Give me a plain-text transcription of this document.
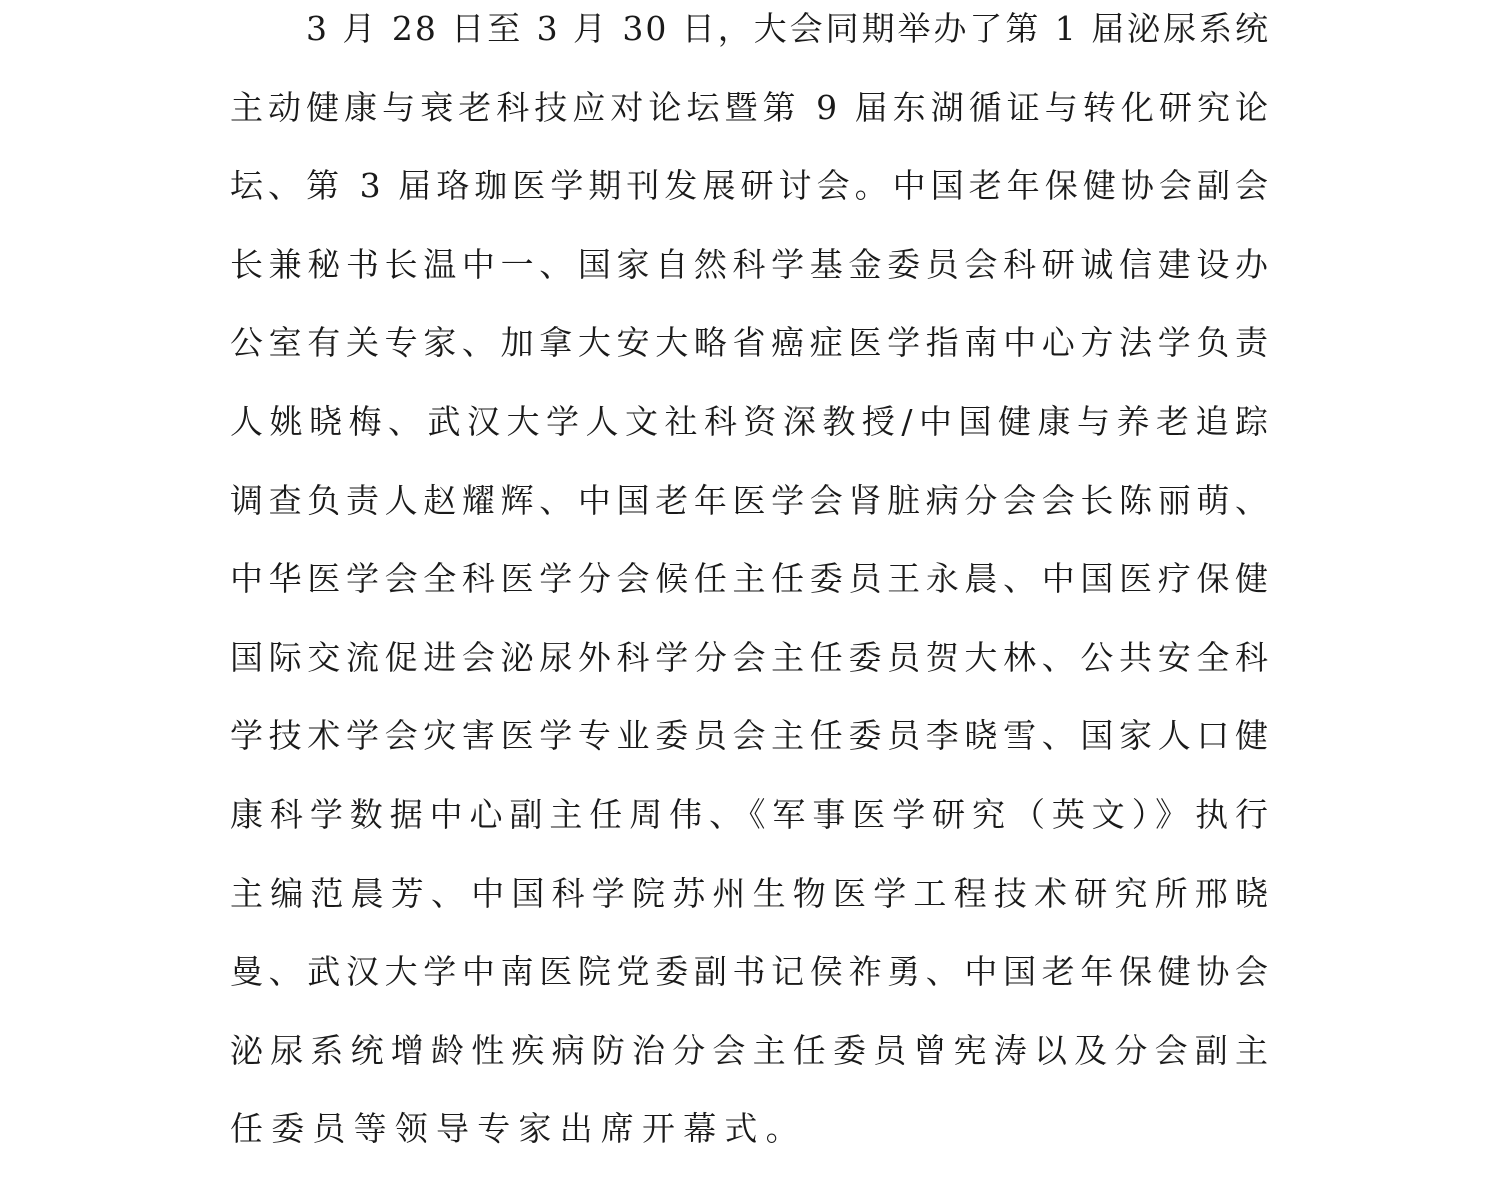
3 月 28 日至 3 月 30 日，大会同期举办了第 1 届泌尿系统
主动健康与衰老科技应对论坛暨第 9 届东湖循证与转化研究论
坛、第 3 届珞珈医学期刊发展研讨会。中国老年保健协会副会
长兼秘书长温中一、国家自然科学基金委员会科研诚信建设办
公室有关专家、加拿大安大略省癌症医学指南中心方法学负责
人姚晓梅、武汉大学人文社科资深教授/中国健康与养老追踪
调查负责人赵耀辉、中国老年医学会肾脏病分会会长陈丽萌、
中华医学会全科医学分会候任主任委员王永晨、中国医疗保健
国际交流促进会泌尿外科学分会主任委员贺大林、公共安全科
学技术学会灾害医学专业委员会主任委员李晓雪、国家人口健
康科学数据中心副主任周伟、《军事医学研究（英文）》执行
主编范晨芳、中国科学院苏州生物医学工程技术研究所邢晓
曼、武汉大学中南医院党委副书记侯祚勇、中国老年保健协会
泌尿系统增龄性疾病防治分会主任委员曾宪涛以及分会副主
任委员等领导专家出席开幕式。
